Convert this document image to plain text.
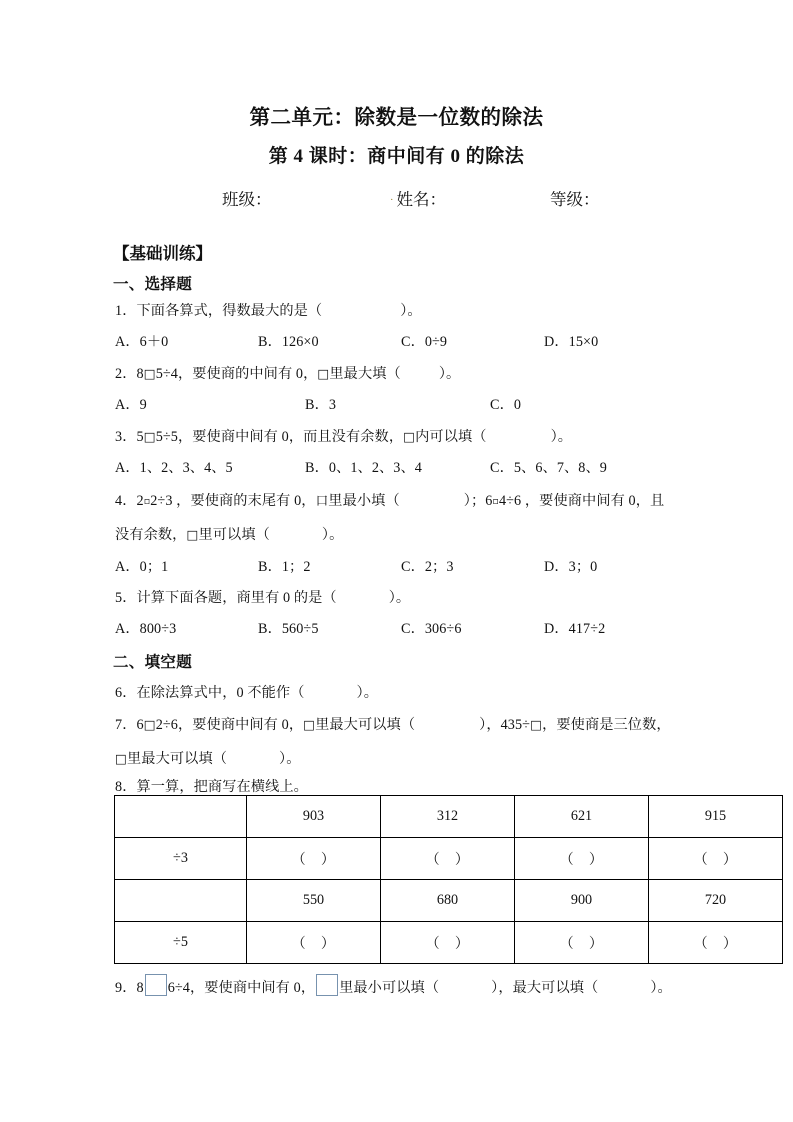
第二单元：除数是一位数的除法
第 4 课时：商中间有 0 的除法
班级：	· 姓名：	等级：
【基础训练】
一、选择题
1．下面各算式，得数最大的是（	）。
A．6＋0	B．126×0	C．0÷9	D．15×0
2．8□5÷4，要使商的中间有 0，□里最大填（	）。
A．9	B．3	C．0
3．5□5÷5，要使商中间有 0，而且没有余数，□内可以填（	）。
A．1、2、3、4、5	B．0、1、2、3、4	C．5、6、7、8、9
4．2▫2÷3 ，要使商的末尾有 0，口里最小填（	）；6▫4÷6 ，要使商中间有 0，且
没有余数，□里可以填（	）。
A．0；1	B．1；2	C．2；3	D．3；0
5．计算下面各题，商里有 0 的是（	）。
A．800÷3	B．560÷5	C．306÷6	D．417÷2
二、填空题
6．在除法算式中，0 不能作（	）。
7．6□2÷6，要使商中间有 0，□里最大可以填（	），435÷□，要使商是三位数，
□里最大可以填（	）。
8．算一算，把商写在横线上。
	903	312	621	915
÷3	（　）	（　）	（　）	（　）
	550	680	900	720
÷5	（　）	（　）	（　）	（　）
9．8 6÷4，要使商中间有 0， 里最小可以填（	），最大可以填（	）。
